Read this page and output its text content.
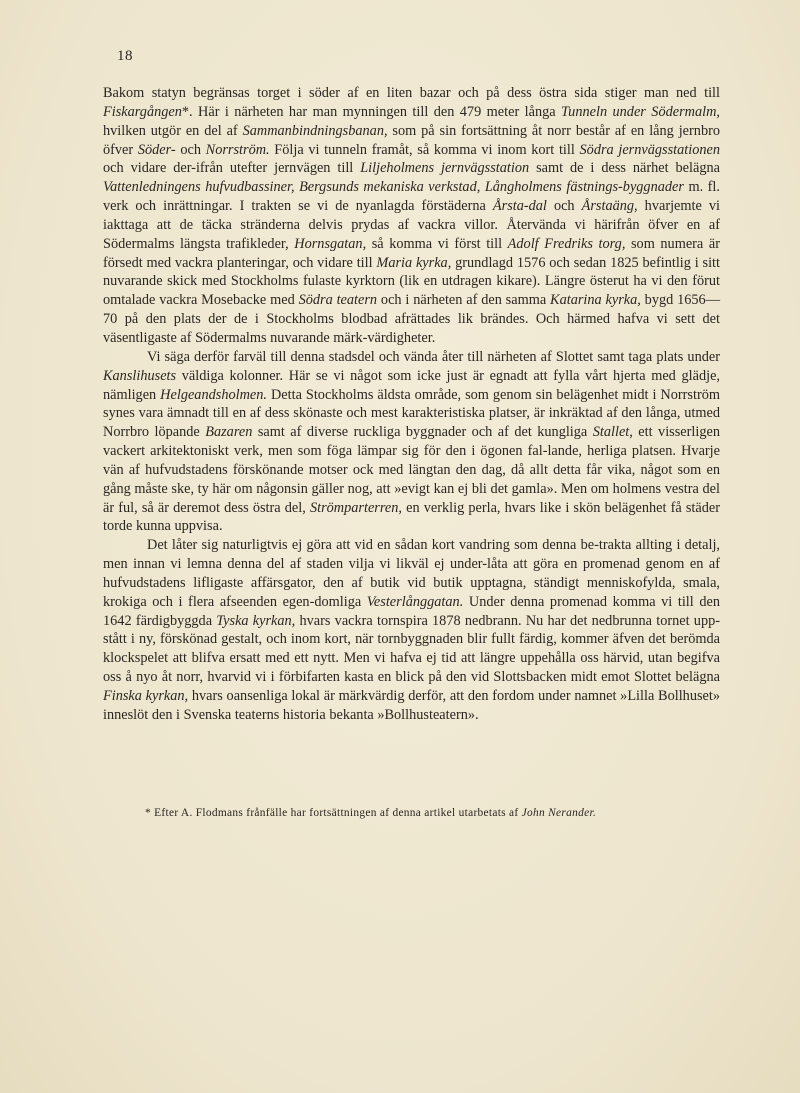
18

Bakom statyn begränsas torget i söder af en liten bazar och på dess östra sida stiger man ned till Fiskargången*. Här i närheten har man mynningen till den 479 meter långa Tunneln under Södermalm, hvilken utgör en del af Sammanbindningsbanan, som på sin fortsättning åt norr består af en lång jernbro öfver Söder- och Norrström. Följa vi tunneln framåt, så komma vi inom kort till Södra jernvägsstationen och vidare der-ifrån utefter jernvägen till Liljeholmens jernvägsstation samt de i dess närhet belägna Vattenledningens hufvudbassiner, Bergsunds mekaniska verkstad, Långholmens fästnings-byggnader m. fl. verk och inrättningar. I trakten se vi de nyanlagda förstäderna Årsta-dal och Årstaäng, hvarjemte vi iakttaga att de täcka stränderna delvis prydas af vackra villor. Återvända vi härifrån öfver en af Södermalms längsta trafikleder, Hornsgatan, så komma vi först till Adolf Fredriks torg, som numera är försedt med vackra planteringar, och vidare till Maria kyrka, grundlagd 1576 och sedan 1825 befintlig i sitt nuvarande skick med Stockholms fulaste kyrktorn (lik en utdragen kikare). Längre österut ha vi den förut omtalade vackra Mosebacke med Södra teatern och i närheten af den samma Katarina kyrka, bygd 1656—70 på den plats der de i Stockholms blodbad afrättades lik brändes. Och härmed hafva vi sett det väsentligaste af Södermalms nuvarande märk-värdigheter.

Vi säga derför farväl till denna stadsdel och vända åter till närheten af Slottet samt taga plats under Kanslihusets väldiga kolonner. Här se vi något som icke just är egnadt att fylla vårt hjerta med glädje, nämligen Helgeandsholmen. Detta Stockholms äldsta område, som genom sin belägenhet midt i Norrström synes vara ämnadt till en af dess skönaste och mest karakteristiska platser, är inkräktad af den långa, utmed Norrbro löpande Bazaren samt af diverse ruckliga byggnader och af det kungliga Stallet, ett visserligen vackert arkitektoniskt verk, men som föga lämpar sig för den i ögonen fal-lande, herliga platsen. Hvarje vän af hufvudstadens förskönande motser ock med längtan den dag, då allt detta får vika, något som en gång måste ske, ty här om någonsin gäller nog, att »evigt kan ej bli det gamla». Men om holmens vestra del är ful, så är deremot dess östra del, Strömparterren, en verklig perla, hvars like i skön belägenhet få städer torde kunna uppvisa.

Det låter sig naturligtvis ej göra att vid en sådan kort vandring som denna be-trakta allting i detalj, men innan vi lemna denna del af staden vilja vi likväl ej under-låta att göra en promenad genom en af hufvudstadens lifligaste affärsgator, den af butik vid butik upptagna, ständigt menniskofylda, smala, krokiga och i flera afseenden egen-domliga Vesterlånggatan. Under denna promenad komma vi till den 1642 färdigbyggda Tyska kyrkan, hvars vackra tornspira 1878 nedbrann. Nu har det nedbrunna tornet upp-stått i ny, förskönad gestalt, och inom kort, när tornbyggnaden blir fullt färdig, kommer äfven det berömda klockspelet att blifva ersatt med ett nytt. Men vi hafva ej tid att längre uppehålla oss härvid, utan begifva oss å nyo åt norr, hvarvid vi i förbifarten kasta en blick på den vid Slottsbacken midt emot Slottet belägna Finska kyrkan, hvars oansenliga lokal är märkvärdig derför, att den fordom under namnet »Lilla Bollhuset» inneslöt den i Svenska teaterns historia bekanta »Bollhusteatern».

* Efter A. Flodmans frånfälle har fortsättningen af denna artikel utarbetats af John Nerander.
